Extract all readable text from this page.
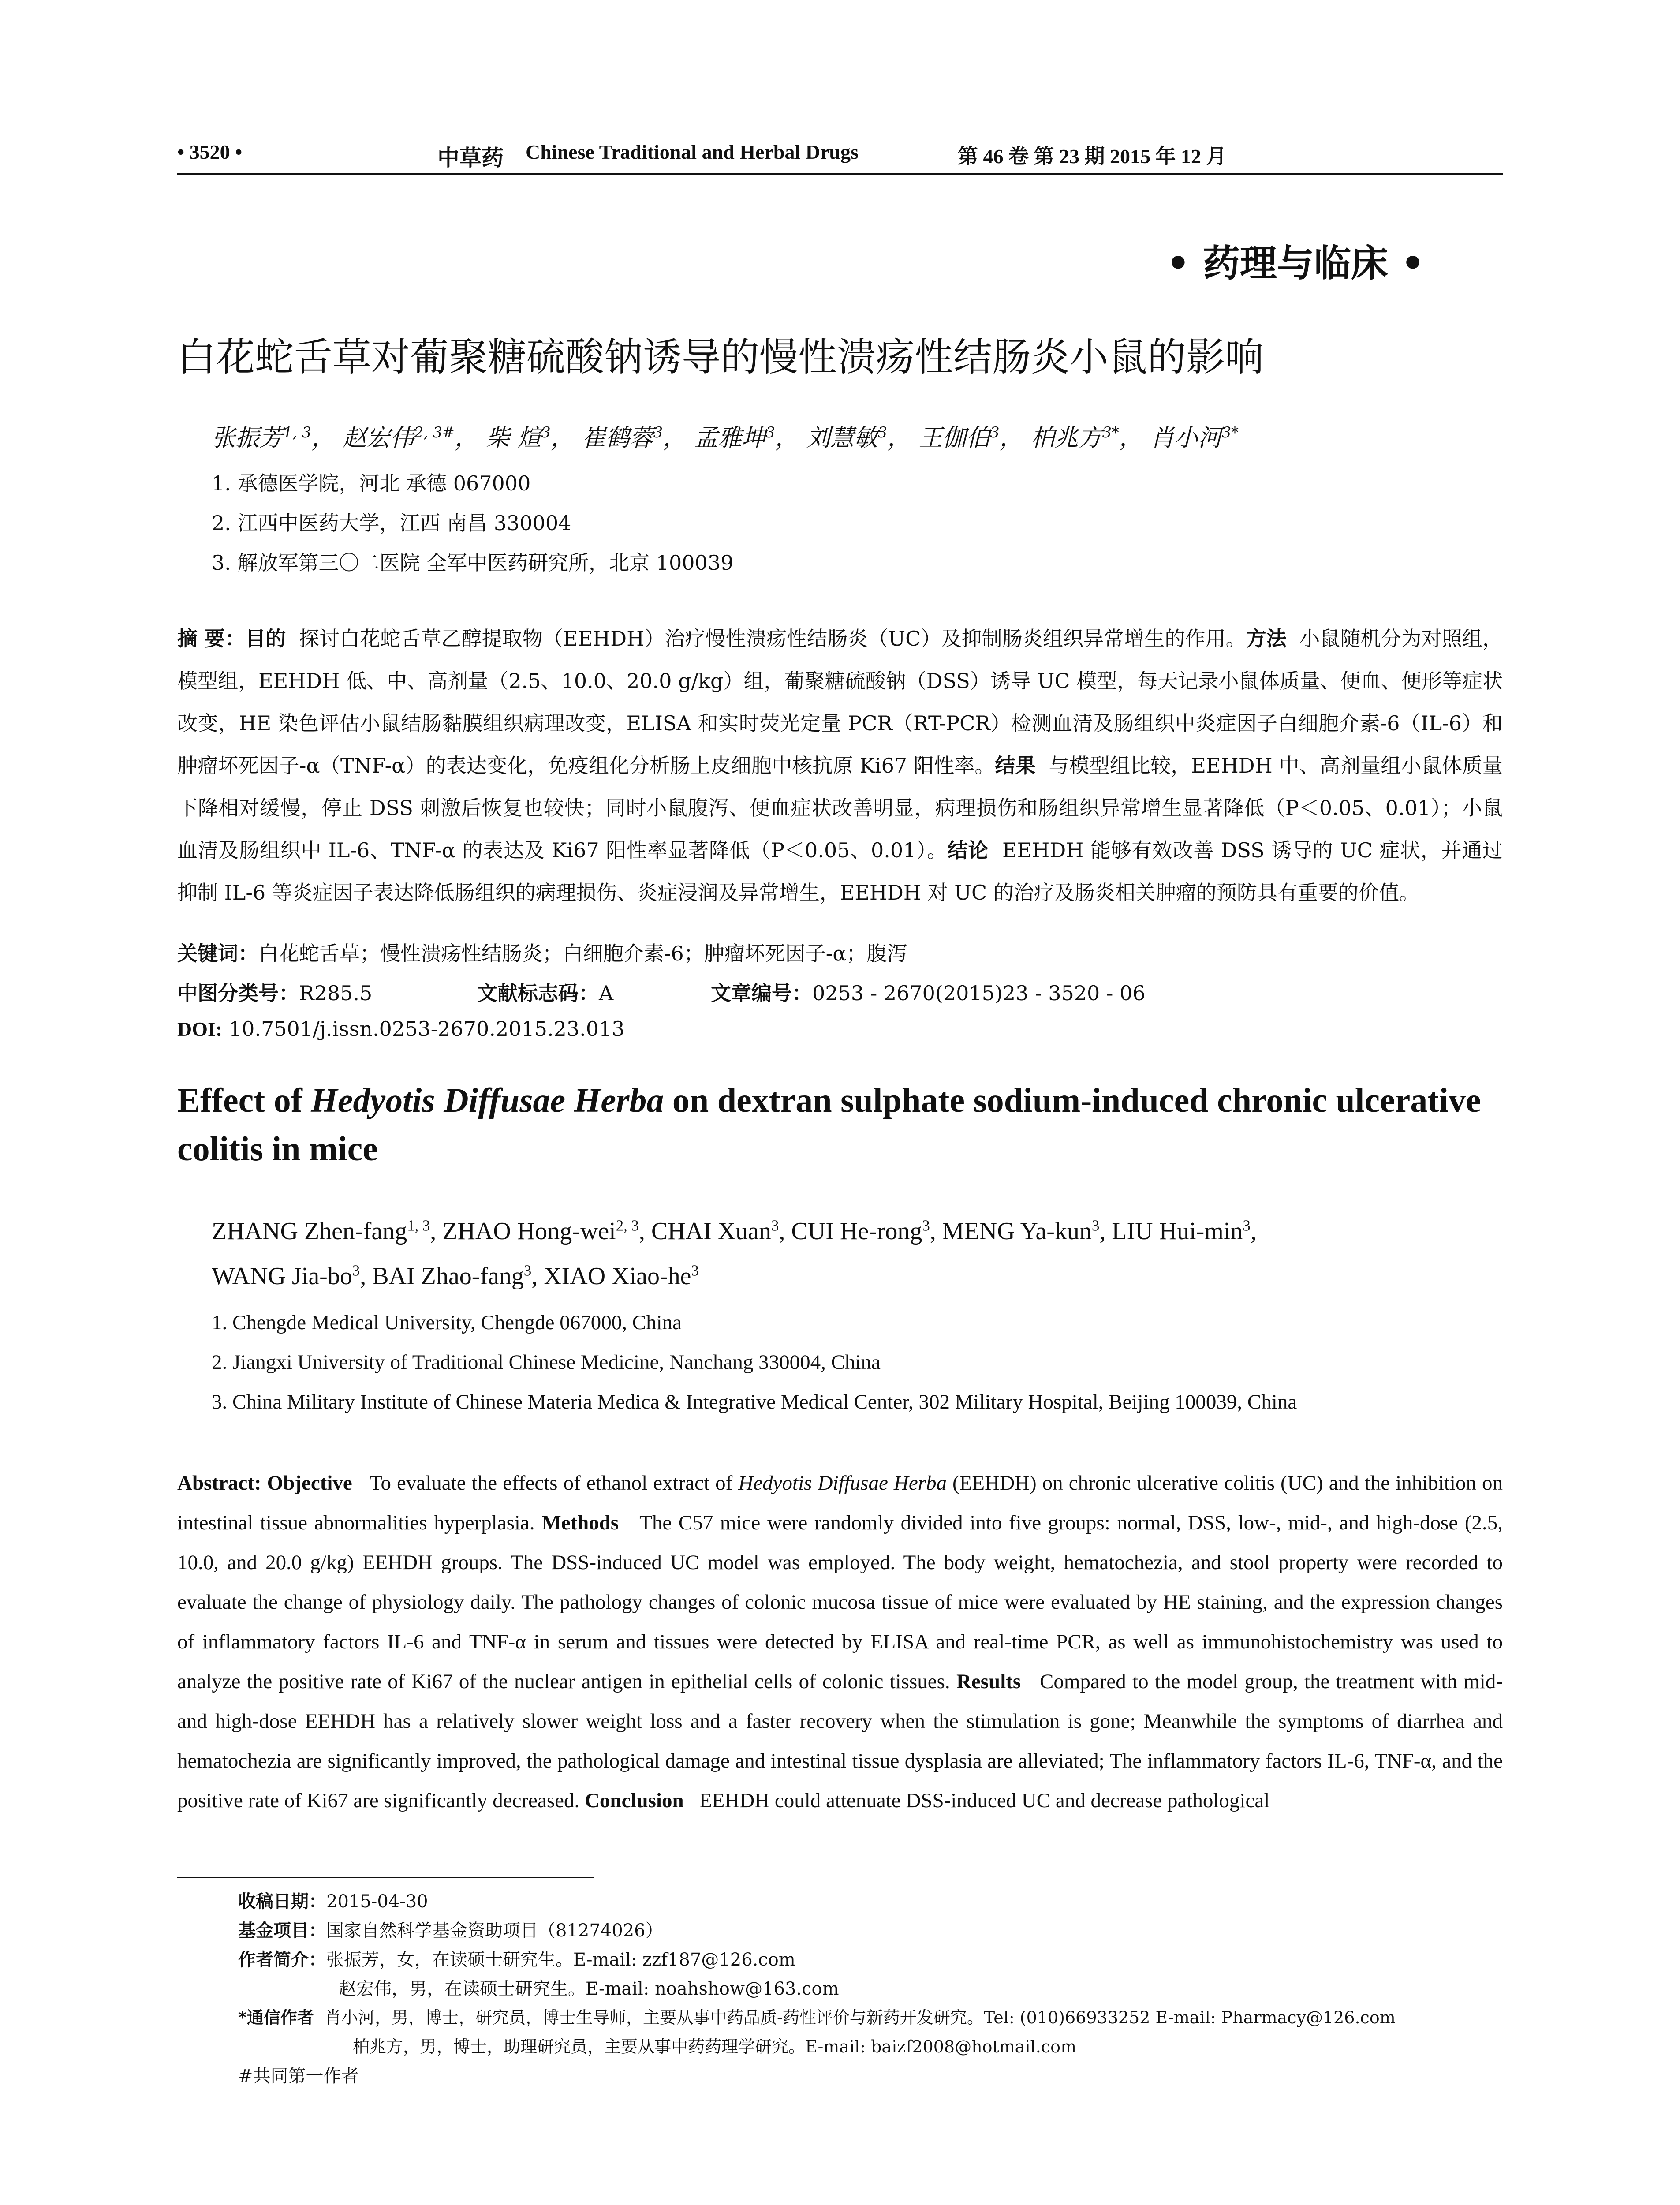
• 3520 •	中草药 Chinese Traditional and Herbal Drugs	第 46 卷 第 23 期 2015 年 12 月
• 药理与临床 •
白花蛇舌草对葡聚糖硫酸钠诱导的慢性溃疡性结肠炎小鼠的影响
张振芳$^{1, 3}$， 赵宏伟$^{2, 3\#}$， 柴 煊$^3$， 崔鹤蓉$^3$， 孟雅坤$^3$， 刘慧敏$^3$， 王伽伯$^3$， 柏兆方$^{3*}$， 肖小河$^{3*}$
1. 承德医学院，河北 承德 067000
2. 江西中医药大学，江西 南昌 330004
3. 解放军第三〇二医院 全军中医药研究所，北京 100039
摘 要：目的 探讨白花蛇舌草乙醇提取物（EEHDH）治疗慢性溃疡性结肠炎（UC）及抑制肠炎组织异常增生的作用。方法 小鼠随机分为对照组，模型组，EEHDH 低、中、高剂量（2.5、10.0、20.0 g/kg）组，葡聚糖硫酸钠（DSS）诱导 UC 模型，每天记录小鼠体质量、便血、便形等症状改变，HE 染色评估小鼠结肠黏膜组织病理改变，ELISA 和实时荧光定量 PCR（RT-PCR）检测血清及肠组织中炎症因子白细胞介素-6（IL-6）和肿瘤坏死因子-α（TNF-α）的表达变化，免疫组化分析肠上皮细胞中核抗原 Ki67 阳性率。结果 与模型组比较，EEHDH 中、高剂量组小鼠体质量下降相对缓慢，停止 DSS 刺激后恢复也较快；同时小鼠腹泻、便血症状改善明显，病理损伤和肠组织异常增生显著降低（P＜0.05、0.01）；小鼠血清及肠组织中 IL-6、TNF-α 的表达及 Ki67 阳性率显著降低（P＜0.05、0.01）。结论 EEHDH 能够有效改善 DSS 诱导的 UC 症状，并通过抑制 IL-6 等炎症因子表达降低肠组织的病理损伤、炎症浸润及异常增生，EEHDH 对 UC 的治疗及肠炎相关肿瘤的预防具有重要的价值。
关键词：白花蛇舌草；慢性溃疡性结肠炎；白细胞介素-6；肿瘤坏死因子-α；腹泻
中图分类号：R285.5	文献标志码：A	文章编号：0253 - 2670(2015)23 - 3520 - 06
DOI: 10.7501/j.issn.0253-2670.2015.23.013
Effect of Hedyotis Diffusae Herba on dextran sulphate sodium-induced chronic ulcerative colitis in mice
ZHANG Zhen-fang$^{1, 3}$, ZHAO Hong-wei$^{2, 3}$, CHAI Xuan$^3$, CUI He-rong$^3$, MENG Ya-kun$^3$, LIU Hui-$\min^3$,
WANG Jia-$bo^3$, BAI Zhao-fang$^3$, XIAO Xiao-$he^3$
1. Chengde Medical University, Chengde 067000, China
2. Jiangxi University of Traditional Chinese Medicine, Nanchang 330004, China
3. China Military Institute of Chinese Materia Medica & Integrative Medical Center, 302 Military Hospital, Beijing 100039, China
Abstract: Objective To evaluate the effects of ethanol extract of Hedyotis Diffusae Herba (EEHDH) on chronic ulcerative colitis (UC) and the inhibition on intestinal tissue abnormalities hyperplasia. Methods The C57 mice were randomly divided into five groups: normal, DSS, low-, mid-, and high-dose (2.5, 10.0, and 20.0 g/kg) EEHDH groups. The DSS-induced UC model was employed. The body weight, hematochezia, and stool property were recorded to evaluate the change of physiology daily. The pathology changes of colonic mucosa tissue of mice were evaluated by HE staining, and the expression changes of inflammatory factors IL-6 and TNF-α in serum and tissues were detected by ELISA and real-time PCR, as well as immunohistochemistry was used to analyze the positive rate of Ki67 of the nuclear antigen in epithelial cells of colonic tissues. Results Compared to the model group, the treatment with mid- and high-dose EEHDH has a relatively slower weight loss and a faster recovery when the stimulation is gone; Meanwhile the symptoms of diarrhea and hematochezia are significantly improved, the pathological damage and intestinal tissue dysplasia are alleviated; The inflammatory factors IL-6, TNF-α, and the positive rate of Ki67 are significantly decreased. Conclusion EEHDH could attenuate DSS-induced UC and decrease pathological
收稿日期：2015-04-30
基金项目：国家自然科学基金资助项目（81274026）
作者简介：张振芳，女，在读硕士研究生。E-mail: zzf187@126.com
赵宏伟，男，在读硕士研究生。E-mail: noahshow@163.com
*通信作者 肖小河，男，博士，研究员，博士生导师，主要从事中药品质-药性评价与新药开发研究。Tel: (010)66933252 E-mail: Pharmacy@126.com
柏兆方，男，博士，助理研究员，主要从事中药药理学研究。E-mail: baizf2008@hotmail.com
#共同第一作者
